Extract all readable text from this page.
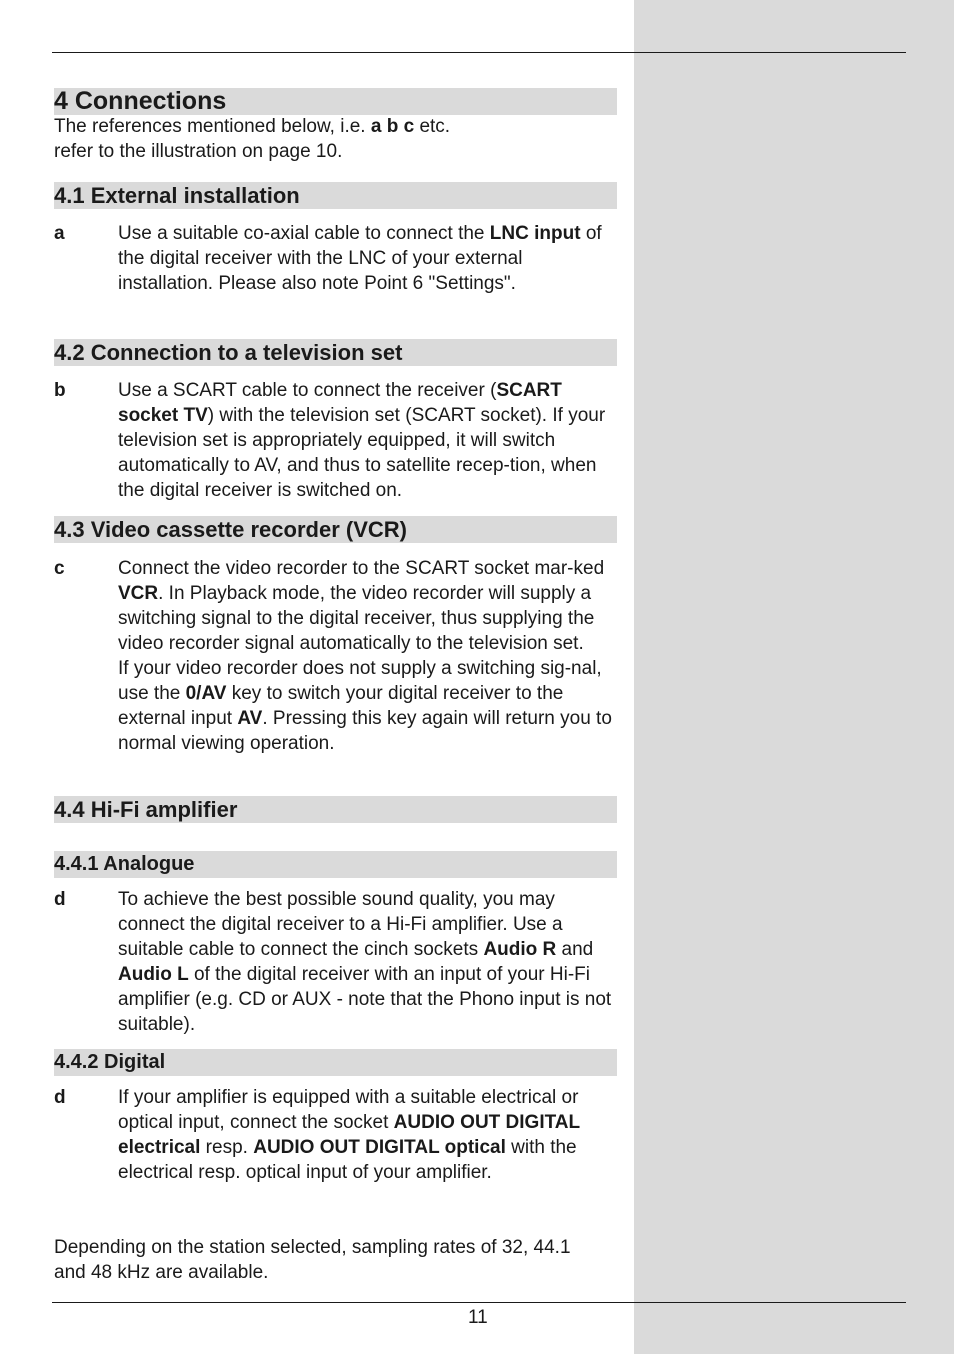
4 Connections
The references mentioned below, i.e. a b c etc.
refer to the illustration on page 10.
4.1 External installation
a	Use a suitable co-axial cable to connect the LNC input of the digital receiver with the LNC of your external installation. Please also note Point 6 "Settings".
4.2 Connection to a television set
b	Use a SCART cable to connect the receiver (SCART socket TV) with the television set (SCART socket). If your television set is appropriately equipped, it will switch automatically to AV, and thus to satellite recep-tion, when the digital receiver is switched on.
4.3 Video cassette recorder (VCR)
c	Connect the video recorder to the SCART socket mar-ked VCR. In Playback mode, the video recorder will supply a switching signal to the digital receiver, thus supplying the video recorder signal automatically to the television set.
If your video recorder does not supply a switching sig-nal, use the 0/AV key to switch your digital receiver to the external input AV. Pressing this key again will return you to normal viewing operation.
4.4 Hi-Fi amplifier
4.4.1 Analogue
d	To achieve the best possible sound quality, you may connect the digital receiver to a Hi-Fi amplifier. Use a suitable cable to connect the cinch sockets Audio R and Audio L of the digital receiver with an input of your Hi-Fi amplifier (e.g. CD or AUX - note that the Phono input is not suitable).
4.4.2 Digital
d	If your amplifier is equipped with a suitable electrical or optical input, connect the socket AUDIO OUT DIGITAL electrical resp. AUDIO OUT DIGITAL optical with the electrical resp. optical input of your amplifier.
Depending on the station selected, sampling rates of 32, 44.1 and 48 kHz are available.
11
